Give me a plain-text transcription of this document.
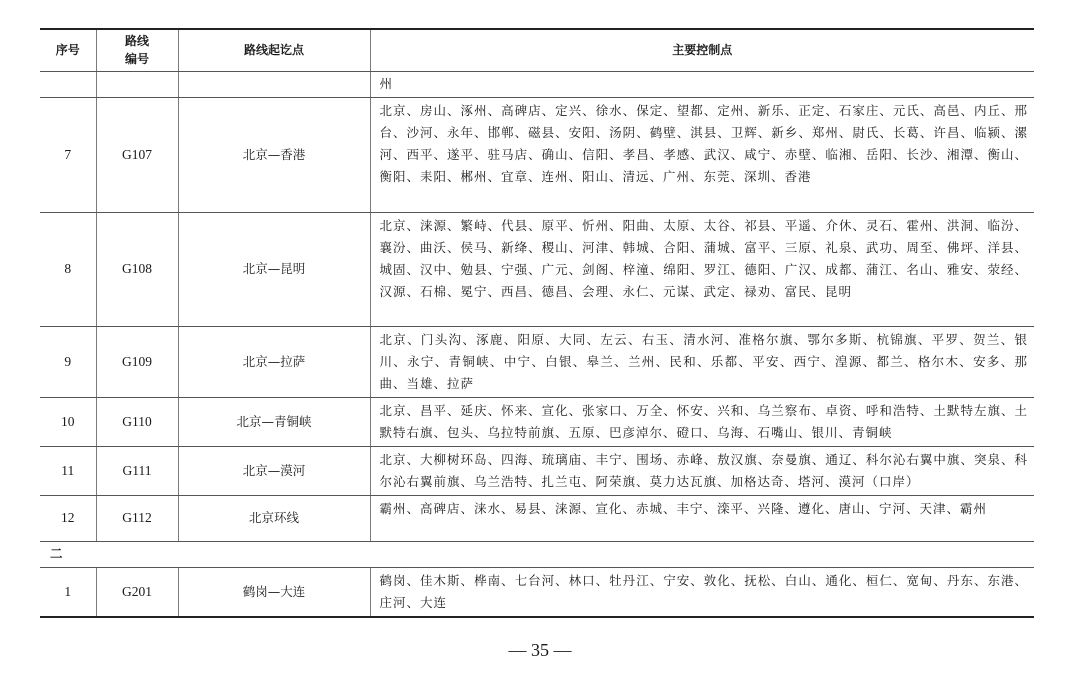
序号	路线编号	路线起讫点	主要控制点
			州
7	G107	北京—香港	北京、房山、涿州、高碑店、定兴、徐水、保定、望都、定州、新乐、正定、石家庄、元氏、高邑、内丘、邢台、沙河、永年、邯郸、磁县、安阳、汤阴、鹤壁、淇县、卫辉、新乡、郑州、尉氏、长葛、许昌、临颍、漯河、西平、遂平、驻马店、确山、信阳、孝昌、孝感、武汉、咸宁、赤壁、临湘、岳阳、长沙、湘潭、衡山、衡阳、耒阳、郴州、宜章、连州、阳山、清远、广州、东莞、深圳、香港
8	G108	北京—昆明	北京、涞源、繁峙、代县、原平、忻州、阳曲、太原、太谷、祁县、平遥、介休、灵石、霍州、洪洞、临汾、襄汾、曲沃、侯马、新绛、稷山、河津、韩城、合阳、蒲城、富平、三原、礼泉、武功、周至、佛坪、洋县、城固、汉中、勉县、宁强、广元、剑阁、梓潼、绵阳、罗江、德阳、广汉、成都、蒲江、名山、雅安、荥经、汉源、石棉、冕宁、西昌、德昌、会理、永仁、元谋、武定、禄劝、富民、昆明
9	G109	北京—拉萨	北京、门头沟、涿鹿、阳原、大同、左云、右玉、清水河、准格尔旗、鄂尔多斯、杭锦旗、平罗、贺兰、银川、永宁、青铜峡、中宁、白银、皋兰、兰州、民和、乐都、平安、西宁、湟源、都兰、格尔木、安多、那曲、当雄、拉萨
10	G110	北京—青铜峡	北京、昌平、延庆、怀来、宣化、张家口、万全、怀安、兴和、乌兰察布、卓资、呼和浩特、土默特左旗、土默特右旗、包头、乌拉特前旗、五原、巴彦淖尔、磴口、乌海、石嘴山、银川、青铜峡
11	G111	北京—漠河	北京、大柳树环岛、四海、琉璃庙、丰宁、围场、赤峰、敖汉旗、奈曼旗、通辽、科尔沁右翼中旗、突泉、科尔沁右翼前旗、乌兰浩特、扎兰屯、阿荣旗、莫力达瓦旗、加格达奇、塔河、漠河（口岸）
12	G112	北京环线	霸州、高碑店、涞水、易县、涞源、宣化、赤城、丰宁、滦平、兴隆、遵化、唐山、宁河、天津、霸州
二			
1	G201	鹤岗—大连	鹤岗、佳木斯、桦南、七台河、林口、牡丹江、宁安、敦化、抚松、白山、通化、桓仁、宽甸、丹东、东港、庄河、大连
— 35 —
